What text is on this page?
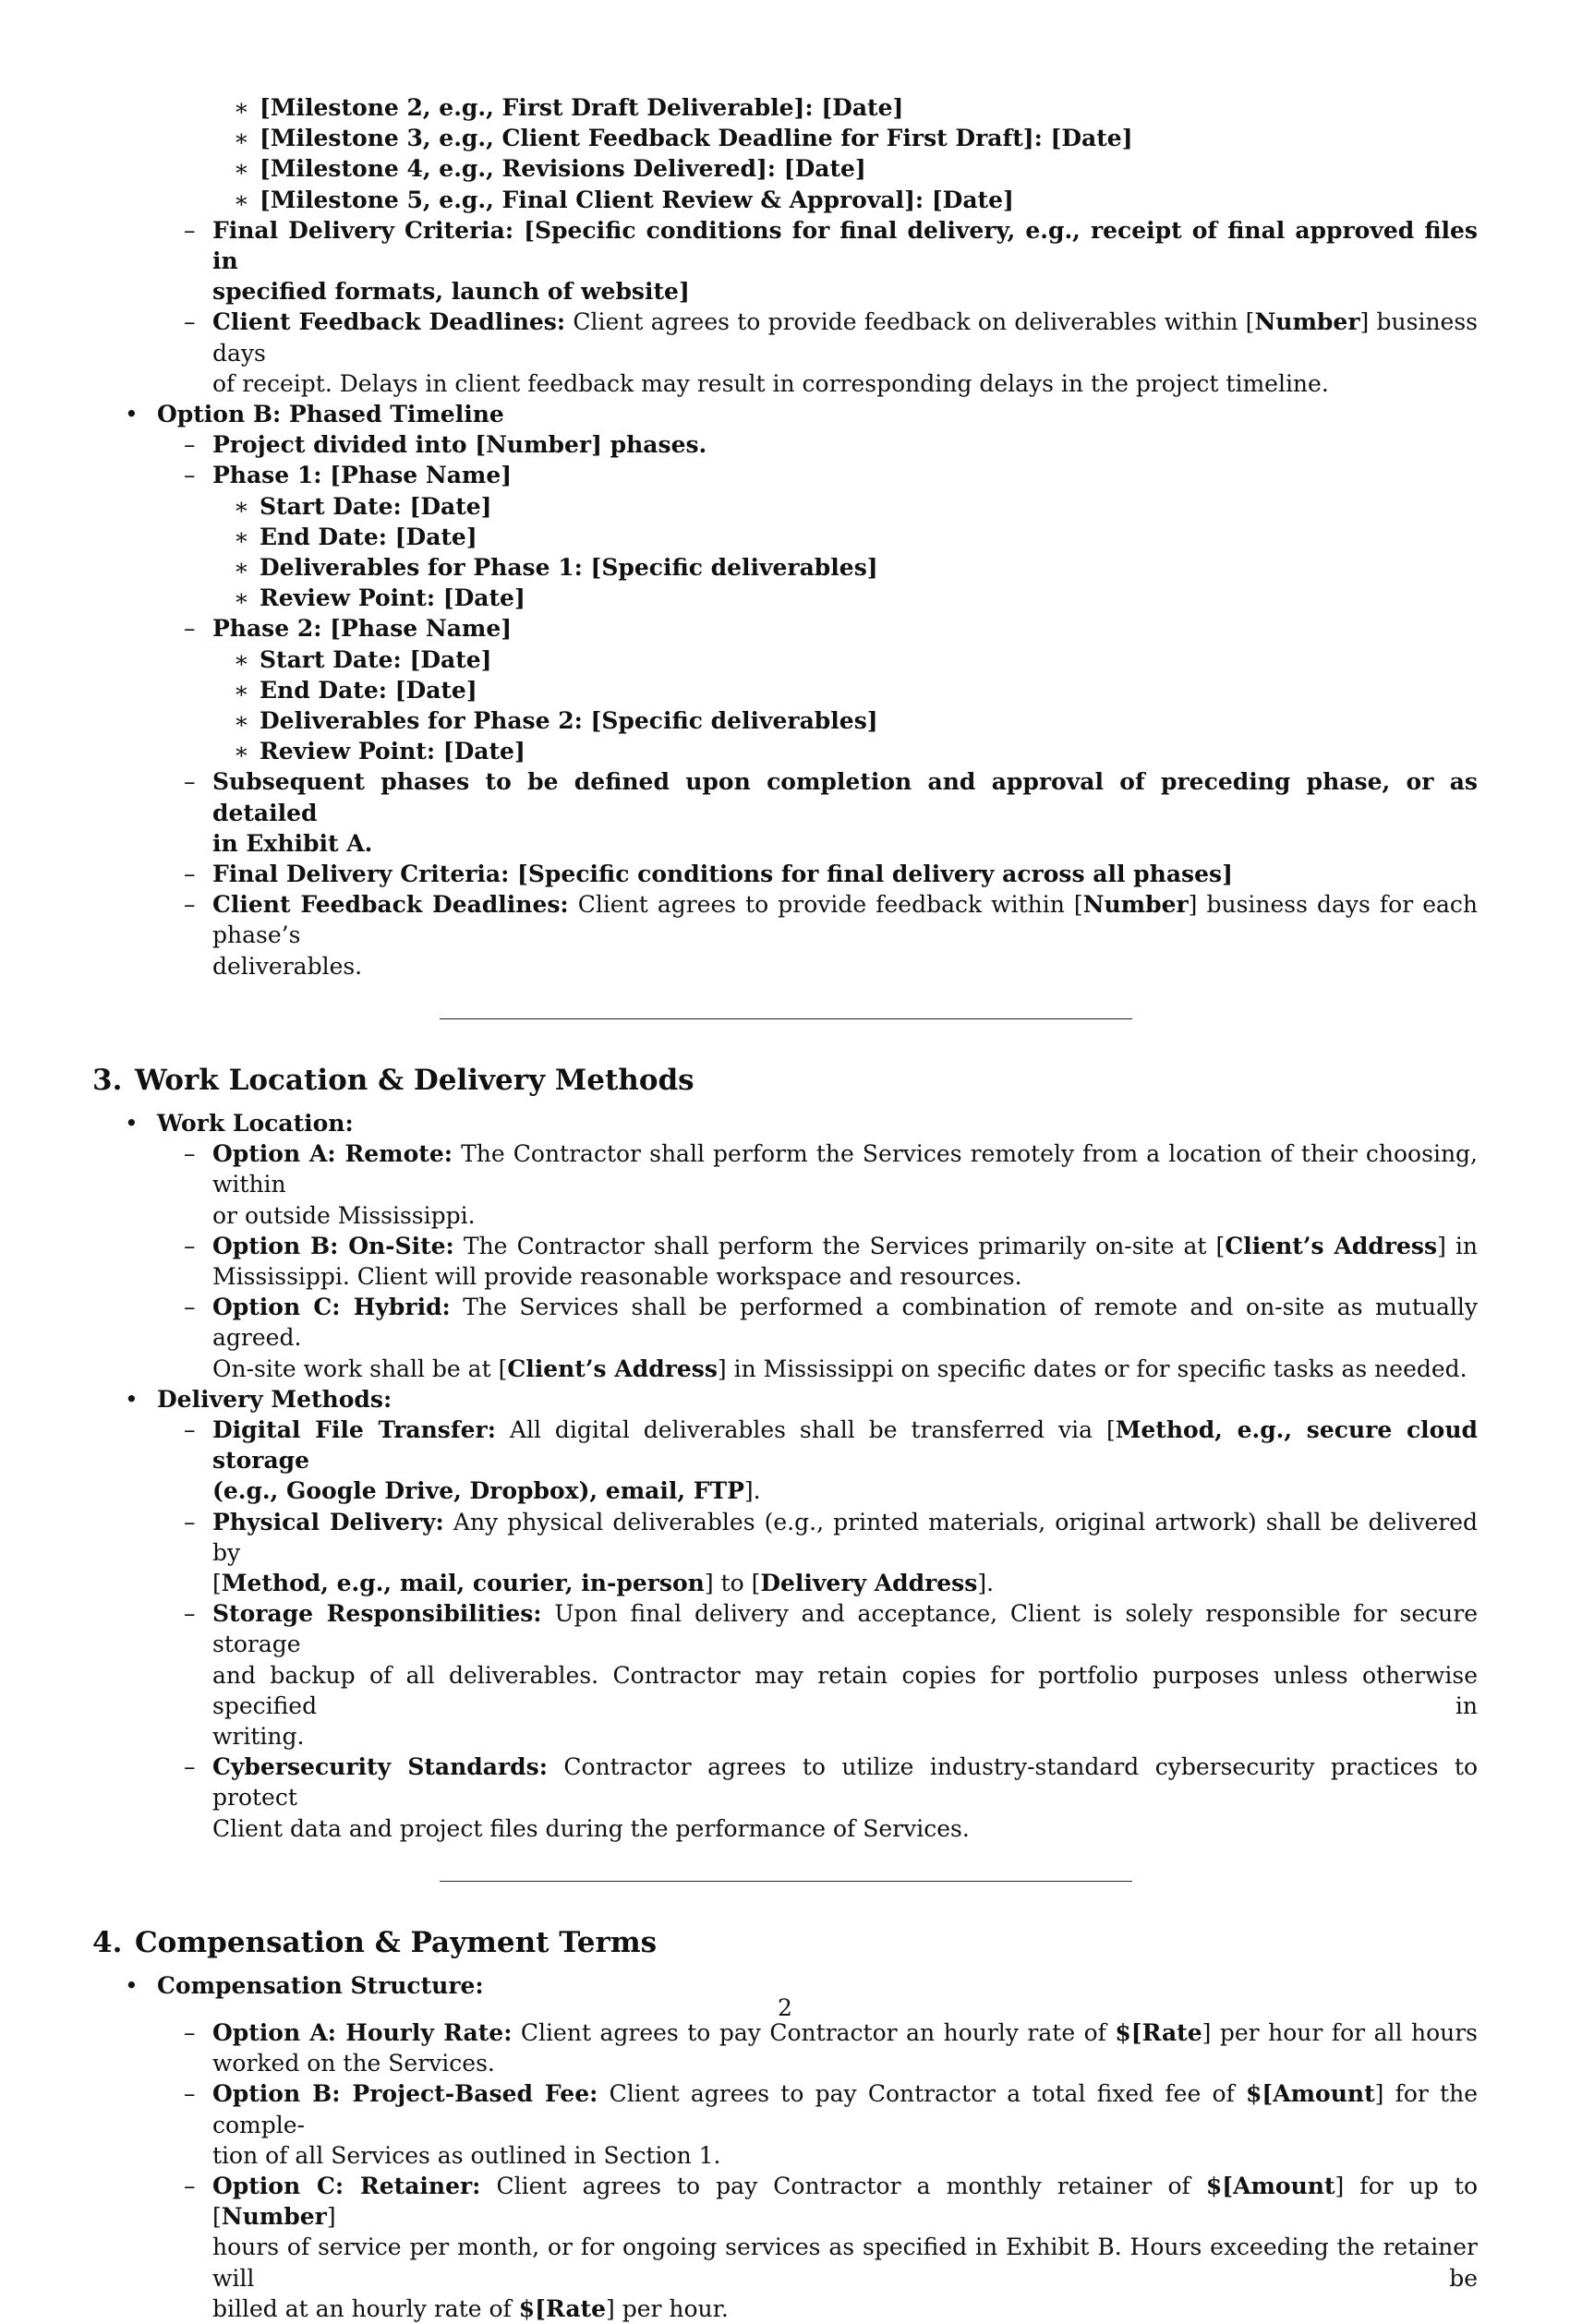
∗ [Milestone 2, e.g., First Draft Deliverable]: [Date]
∗ [Milestone 3, e.g., Client Feedback Deadline for First Draft]: [Date]
∗ [Milestone 4, e.g., Revisions Delivered]: [Date]
∗ [Milestone 5, e.g., Final Client Review & Approval]: [Date]
– Final Delivery Criteria: [Specific conditions for final delivery, e.g., receipt of final approved files in
specified formats, launch of website]
– Client Feedback Deadlines: Client agrees to provide feedback on deliverables within [Number] business days
of receipt. Delays in client feedback may result in corresponding delays in the project timeline.
• Option B: Phased Timeline
– Project divided into [Number] phases.
– Phase 1: [Phase Name]
∗ Start Date: [Date]
∗ End Date: [Date]
∗ Deliverables for Phase 1: [Specific deliverables]
∗ Review Point: [Date]
– Phase 2: [Phase Name]
∗ Start Date: [Date]
∗ End Date: [Date]
∗ Deliverables for Phase 2: [Specific deliverables]
∗ Review Point: [Date]
– Subsequent phases to be defined upon completion and approval of preceding phase, or as detailed
in Exhibit A.
– Final Delivery Criteria: [Specific conditions for final delivery across all phases]
– Client Feedback Deadlines: Client agrees to provide feedback within [Number] business days for each phase’s
deliverables.
3. Work Location & Delivery Methods
• Work Location:
– Option A: Remote: The Contractor shall perform the Services remotely from a location of their choosing, within
or outside Mississippi.
– Option B: On-Site: The Contractor shall perform the Services primarily on-site at [Client’s Address] in
Mississippi. Client will provide reasonable workspace and resources.
– Option C: Hybrid: The Services shall be performed a combination of remote and on-site as mutually agreed.
On-site work shall be at [Client’s Address] in Mississippi on specific dates or for specific tasks as needed.
• Delivery Methods:
– Digital File Transfer: All digital deliverables shall be transferred via [Method, e.g., secure cloud storage
(e.g., Google Drive, Dropbox), email, FTP].
– Physical Delivery: Any physical deliverables (e.g., printed materials, original artwork) shall be delivered by
[Method, e.g., mail, courier, in-person] to [Delivery Address].
– Storage Responsibilities: Upon final delivery and acceptance, Client is solely responsible for secure storage
and backup of all deliverables. Contractor may retain copies for portfolio purposes unless otherwise specified in
writing.
– Cybersecurity Standards: Contractor agrees to utilize industry-standard cybersecurity practices to protect
Client data and project files during the performance of Services.
4. Compensation & Payment Terms
• Compensation Structure:
– Option A: Hourly Rate: Client agrees to pay Contractor an hourly rate of $[Rate] per hour for all hours
worked on the Services.
– Option B: Project-Based Fee: Client agrees to pay Contractor a total fixed fee of $[Amount] for the comple-
tion of all Services as outlined in Section 1.
– Option C: Retainer: Client agrees to pay Contractor a monthly retainer of $[Amount] for up to [Number]
hours of service per month, or for ongoing services as specified in Exhibit B. Hours exceeding the retainer will be
billed at an hourly rate of $[Rate] per hour.
2
